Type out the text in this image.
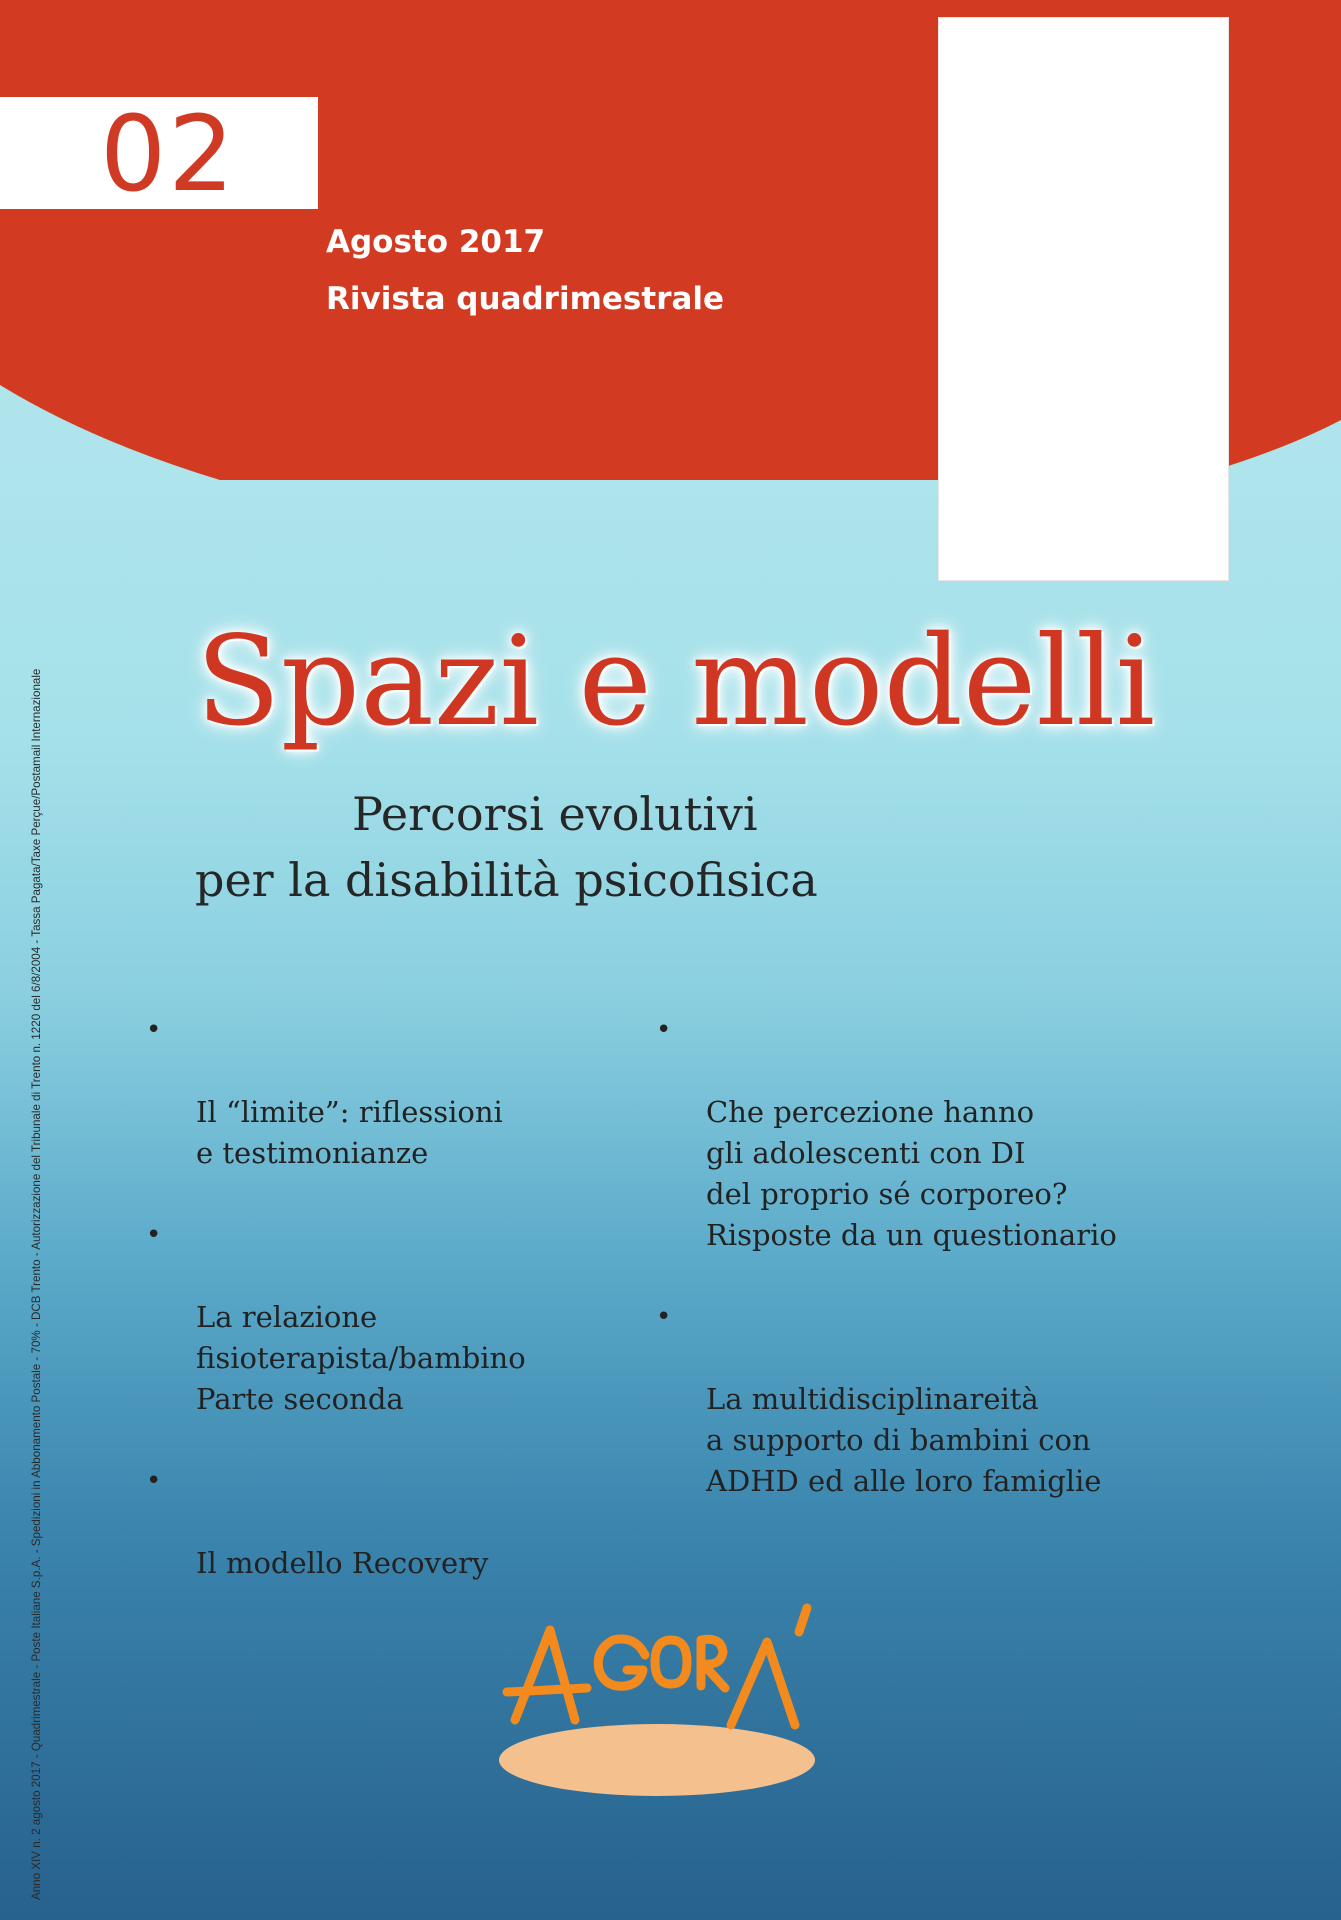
02
Agosto 2017
Rivista quadrimestrale
Anno XIV n. 2 agosto 2017 - Quadrimestrale - Poste Italiane S.p.A. - Spedizioni in Abbonamento Postale - 70% - DCB Trento - Autorizzazione del Tribunale di Trento n. 1220 del 6/8/2004 - Tassa Pagata/Taxe Perçue/Postamail Internazionale	Spazi e modelli
Percorsi evolutivi
per la disabilità psicofisica

•

Il “limite”: riflessioni
e testimonianze

•

La relazione
fisioterapista/bambino
Parte seconda

•

Il modello Recovery

•

Che percezione hanno
gli adolescenti con DI
del proprio sé corporeo?
Risposte da un questionario

•

La multidisciplinareità
a supporto di bambini con
ADHD ed alle loro famiglie
